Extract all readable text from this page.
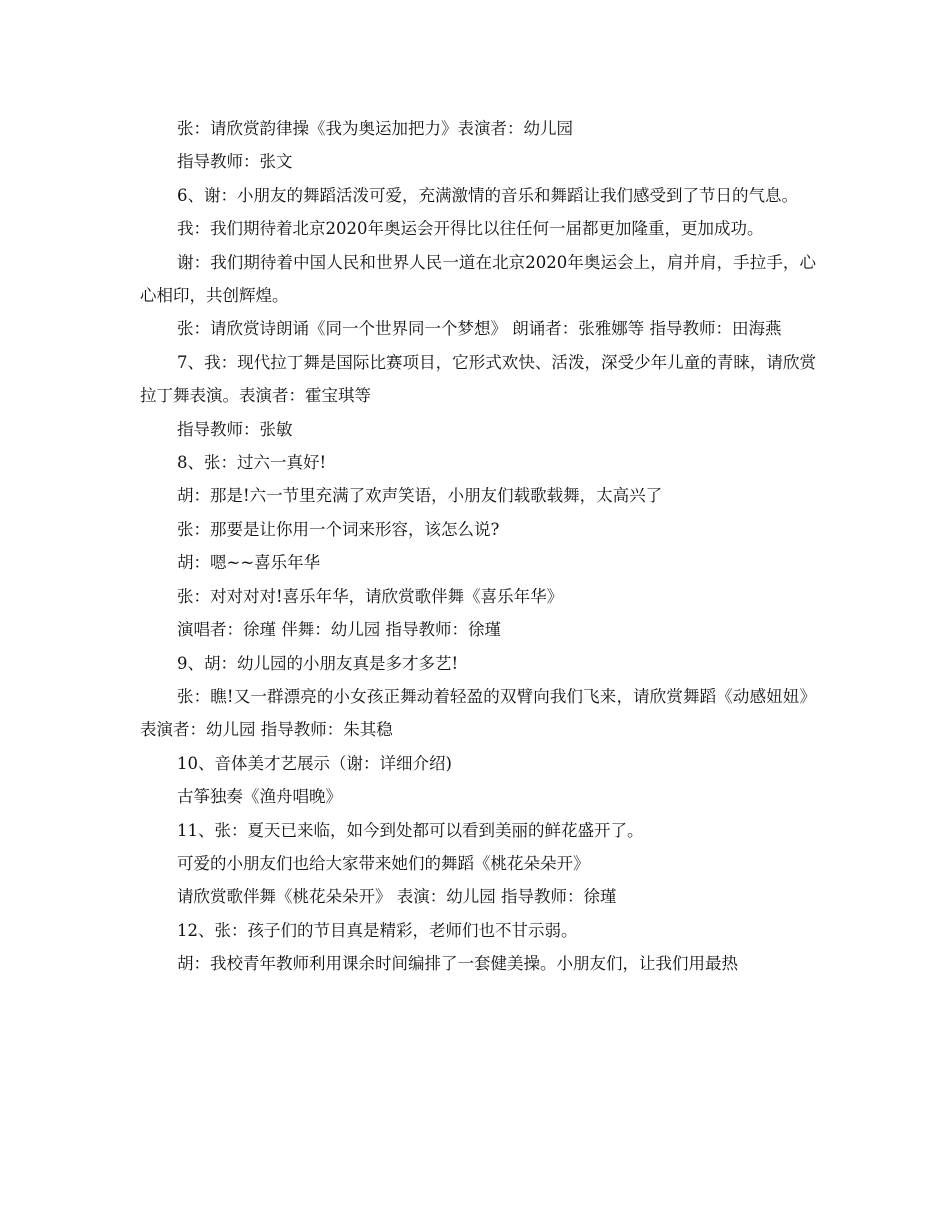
张：请欣赏韵律操《我为奥运加把力》表演者：幼儿园

指导教师：张文

6、谢：小朋友的舞蹈活泼可爱，充满激情的音乐和舞蹈让我们感受到了节日的气息。

我：我们期待着北京2020年奥运会开得比以往任何一届都更加隆重，更加成功。

谢：我们期待着中国人民和世界人民一道在北京2020年奥运会上，肩并肩，手拉手，心心相印，共创辉煌。

张：请欣赏诗朗诵《同一个世界同一个梦想》 朗诵者：张雅娜等 指导教师：田海燕

7、我：现代拉丁舞是国际比赛项目，它形式欢快、活泼，深受少年儿童的青睐，请欣赏拉丁舞表演。表演者：霍宝琪等

指导教师：张敏

8、张：过六一真好!

胡：那是!六一节里充满了欢声笑语，小朋友们载歌载舞，太高兴了

张：那要是让你用一个词来形容，该怎么说?

胡：嗯~~喜乐年华

张：对对对对!喜乐年华，请欣赏歌伴舞《喜乐年华》

演唱者：徐瑾 伴舞：幼儿园 指导教师：徐瑾

9、胡：幼儿园的小朋友真是多才多艺!

张：瞧!又一群漂亮的小女孩正舞动着轻盈的双臂向我们飞来，请欣赏舞蹈《动感妞妞》 表演者：幼儿园 指导教师：朱其稳

10、音体美才艺展示（谢：详细介绍)

古筝独奏《渔舟唱晚》

11、张：夏天已来临，如今到处都可以看到美丽的鲜花盛开了。

可爱的小朋友们也给大家带来她们的舞蹈《桃花朵朵开》

请欣赏歌伴舞《桃花朵朵开》 表演：幼儿园 指导教师：徐瑾

12、张：孩子们的节目真是精彩，老师们也不甘示弱。

胡：我校青年教师利用课余时间编排了一套健美操。小朋友们，让我们用最热
